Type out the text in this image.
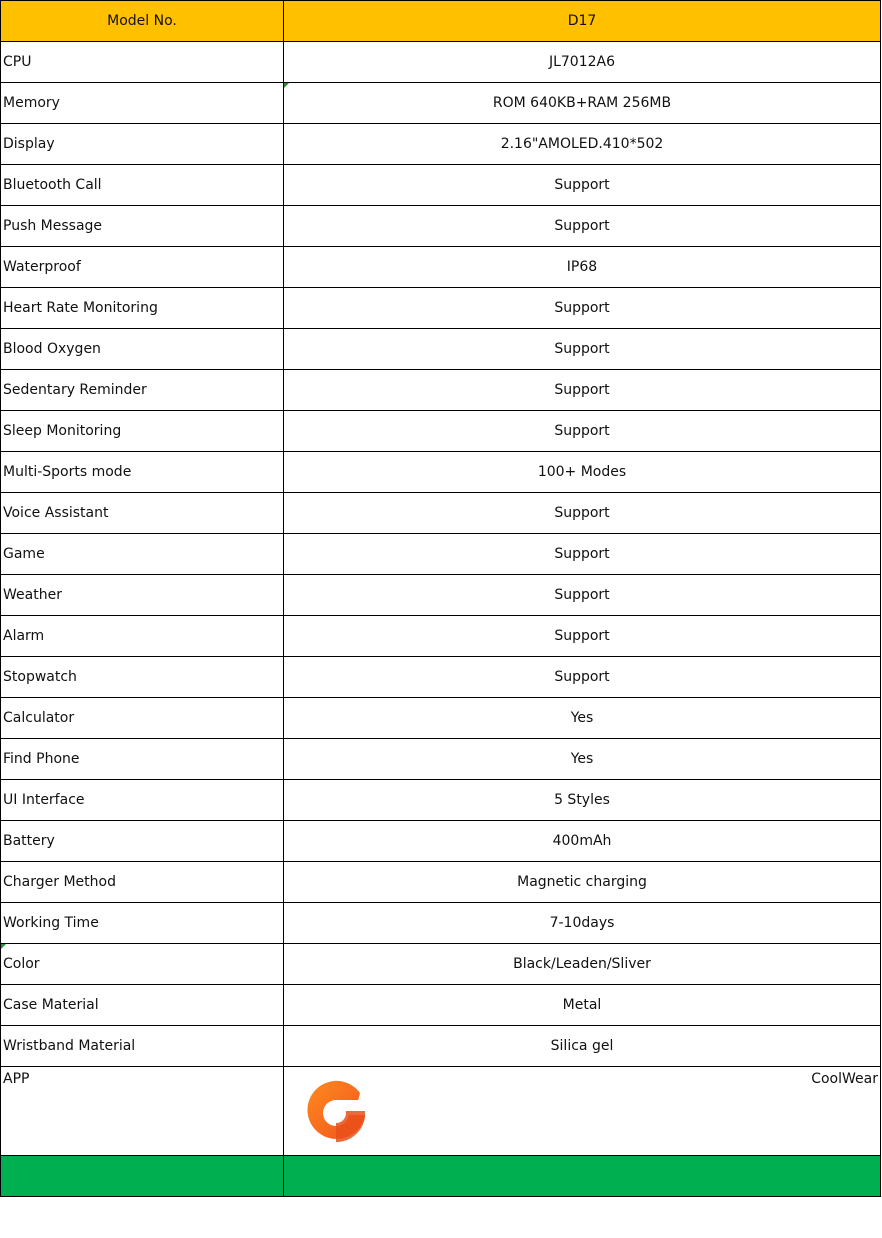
Model No.	D17
CPU	JL7012A6
Memory	ROM 640KB+RAM 256MB
Display	2.16"AMOLED.410*502
Bluetooth Call	Support
Push Message	Support
Waterproof	IP68
Heart Rate Monitoring	Support
Blood Oxygen	Support
Sedentary Reminder	Support
Sleep Monitoring	Support
Multi-Sports mode	100+ Modes
Voice Assistant	Support
Game	Support
Weather	Support
Alarm	Support
Stopwatch	Support
Calculator	Yes
Find Phone	Yes
UI Interface	5 Styles
Battery	400mAh
Charger Method	Magnetic charging
Working Time	7-10days

Color	Black/Leaden/Sliver
Case Material	Metal
Wristband Material	Silica gel
APP	CoolWear
